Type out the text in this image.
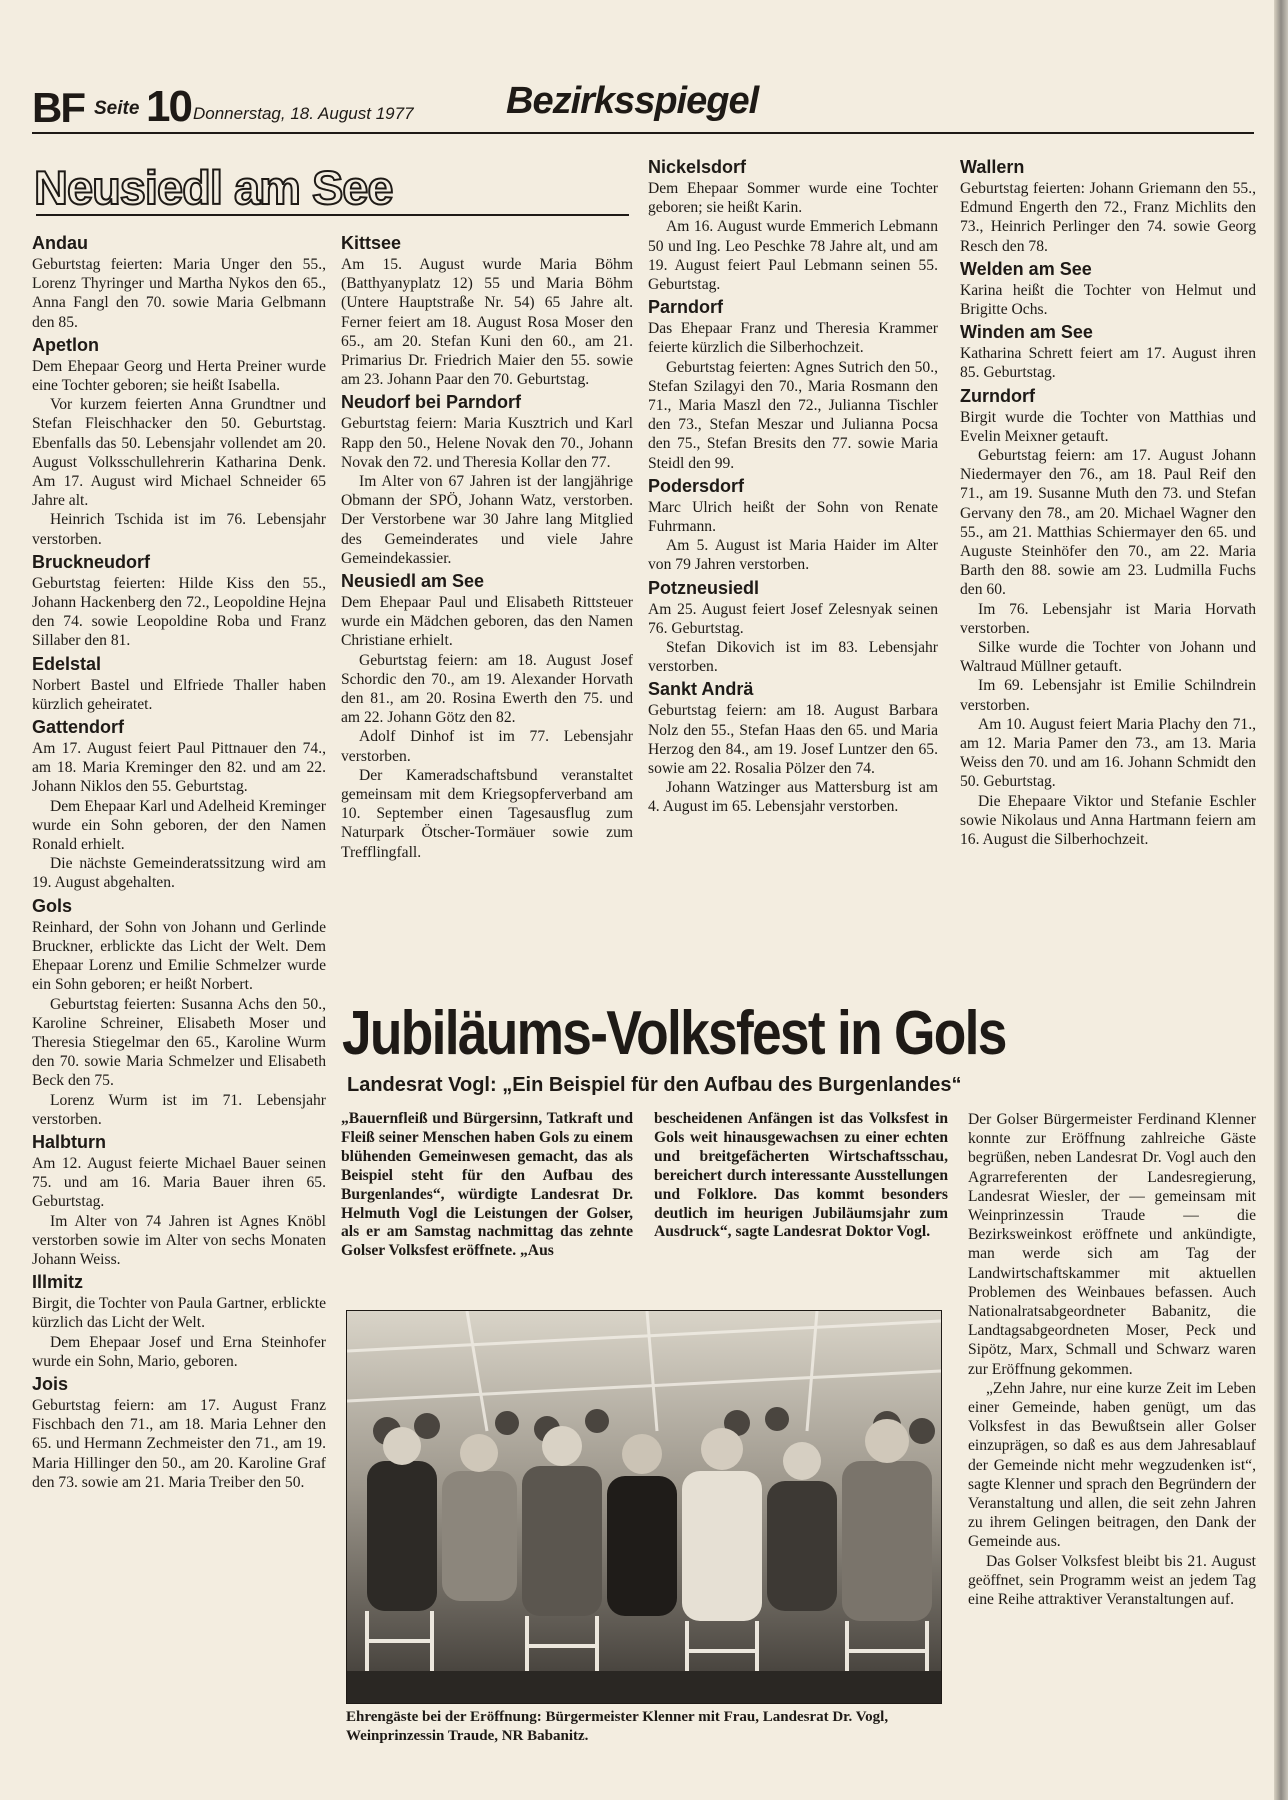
BF Seite 10 Donnerstag, 18. August 1977 Bezirksspiegel
Neusiedl am See
Andau

Geburtstag feierten: Maria Unger den 55., Lorenz Thyringer und Martha Nykos den 65., Anna Fangl den 70. sowie Maria Gelbmann den 85.

Apetlon

Dem Ehepaar Georg und Herta Preiner wurde eine Tochter geboren; sie heißt Isabella.

Vor kurzem feierten Anna Grundtner und Stefan Fleischhacker den 50. Geburtstag. Ebenfalls das 50. Lebensjahr vollendet am 20. August Volksschullehrerin Katharina Denk. Am 17. August wird Michael Schneider 65 Jahre alt.

Heinrich Tschida ist im 76. Lebensjahr verstorben.

Bruckneudorf

Geburtstag feierten: Hilde Kiss den 55., Johann Hackenberg den 72., Leopoldine Hejna den 74. sowie Leopoldine Roba und Franz Sillaber den 81.

Edelstal

Norbert Bastel und Elfriede Thaller haben kürzlich geheiratet.

Gattendorf

Am 17. August feiert Paul Pittnauer den 74., am 18. Maria Kreminger den 82. und am 22. Johann Niklos den 55. Geburtstag.

Dem Ehepaar Karl und Adelheid Kreminger wurde ein Sohn geboren, der den Namen Ronald erhielt.

Die nächste Gemeinderatssitzung wird am 19. August abgehalten.

Gols

Reinhard, der Sohn von Johann und Gerlinde Bruckner, erblickte das Licht der Welt. Dem Ehepaar Lorenz und Emilie Schmelzer wurde ein Sohn geboren; er heißt Norbert.

Geburtstag feierten: Susanna Achs den 50., Karoline Schreiner, Elisabeth Moser und Theresia Stiegelmar den 65., Karoline Wurm den 70. sowie Maria Schmelzer und Elisabeth Beck den 75.

Lorenz Wurm ist im 71. Lebensjahr verstorben.

Halbturn

Am 12. August feierte Michael Bauer seinen 75. und am 16. Maria Bauer ihren 65. Geburtstag.

Im Alter von 74 Jahren ist Agnes Knöbl verstorben sowie im Alter von sechs Monaten Johann Weiss.

Illmitz

Birgit, die Tochter von Paula Gartner, erblickte kürzlich das Licht der Welt.

Dem Ehepaar Josef und Erna Steinhofer wurde ein Sohn, Mario, geboren.

Jois

Geburtstag feiern: am 17. August Franz Fischbach den 71., am 18. Maria Lehner den 65. und Hermann Zechmeister den 71., am 19. Maria Hillinger den 50., am 20. Karoline Graf den 73. sowie am 21. Maria Treiber den 50.

Kittsee

Am 15. August wurde Maria Böhm (Batthyanyplatz 12) 55 und Maria Böhm (Untere Hauptstraße Nr. 54) 65 Jahre alt. Ferner feiert am 18. August Rosa Moser den 65., am 20. Stefan Kuni den 60., am 21. Primarius Dr. Friedrich Maier den 55. sowie am 23. Johann Paar den 70. Geburtstag.

Neudorf bei Parndorf

Geburtstag feiern: Maria Kusztrich und Karl Rapp den 50., Helene Novak den 70., Johann Novak den 72. und Theresia Kollar den 77.

Im Alter von 67 Jahren ist der langjährige Obmann der SPÖ, Johann Watz, verstorben. Der Verstorbene war 30 Jahre lang Mitglied des Gemeinderates und viele Jahre Gemeindekassier.

Neusiedl am See

Dem Ehepaar Paul und Elisabeth Rittsteuer wurde ein Mädchen geboren, das den Namen Christiane erhielt.

Geburtstag feiern: am 18. August Josef Schordic den 70., am 19. Alexander Horvath den 81., am 20. Rosina Ewerth den 75. und am 22. Johann Götz den 82.

Adolf Dinhof ist im 77. Lebensjahr verstorben.

Der Kameradschaftsbund veranstaltet gemeinsam mit dem Kriegsopferverband am 10. September einen Tagesausflug zum Naturpark Ötscher-Tormäuer sowie zum Trefflingfall.

Nickelsdorf

Dem Ehepaar Sommer wurde eine Tochter geboren; sie heißt Karin.

Am 16. August wurde Emmerich Lebmann 50 und Ing. Leo Peschke 78 Jahre alt, und am 19. August feiert Paul Lebmann seinen 55. Geburtstag.

Parndorf

Das Ehepaar Franz und Theresia Krammer feierte kürzlich die Silberhochzeit.

Geburtstag feierten: Agnes Sutrich den 50., Stefan Szilagyi den 70., Maria Rosmann den 71., Maria Maszl den 72., Julianna Tischler den 73., Stefan Meszar und Julianna Pocsa den 75., Stefan Bresits den 77. sowie Maria Steidl den 99.

Podersdorf

Marc Ulrich heißt der Sohn von Renate Fuhrmann.

Am 5. August ist Maria Haider im Alter von 79 Jahren verstorben.

Potzneusiedl

Am 25. August feiert Josef Zelesnyak seinen 76. Geburtstag.

Stefan Dikovich ist im 83. Lebensjahr verstorben.

Sankt Andrä

Geburtstag feiern: am 18. August Barbara Nolz den 55., Stefan Haas den 65. und Maria Herzog den 84., am 19. Josef Luntzer den 65. sowie am 22. Rosalia Pölzer den 74.

Johann Watzinger aus Mattersburg ist am 4. August im 65. Lebensjahr verstorben.

Wallern

Geburtstag feierten: Johann Griemann den 55., Edmund Engerth den 72., Franz Michlits den 73., Heinrich Perlinger den 74. sowie Georg Resch den 78.

Welden am See

Karina heißt die Tochter von Helmut und Brigitte Ochs.

Winden am See

Katharina Schrett feiert am 17. August ihren 85. Geburtstag.

Zurndorf

Birgit wurde die Tochter von Matthias und Evelin Meixner getauft.

Geburtstag feiern: am 17. August Johann Niedermayer den 76., am 18. Paul Reif den 71., am 19. Susanne Muth den 73. und Stefan Gervany den 78., am 20. Michael Wagner den 55., am 21. Matthias Schiermayer den 65. und Auguste Steinhöfer den 70., am 22. Maria Barth den 88. sowie am 23. Ludmilla Fuchs den 60.

Im 76. Lebensjahr ist Maria Horvath verstorben.

Silke wurde die Tochter von Johann und Waltraud Müllner getauft.

Im 69. Lebensjahr ist Emilie Schilndrein verstorben.

Am 10. August feiert Maria Plachy den 71., am 12. Maria Pamer den 73., am 13. Maria Weiss den 70. und am 16. Johann Schmidt den 50. Geburtstag.

Die Ehepaare Viktor und Stefanie Eschler sowie Nikolaus und Anna Hartmann feiern am 16. August die Silberhochzeit.

Jubiläums-Volksfest in Gols
Landesrat Vogl: „Ein Beispiel für den Aufbau des Burgenlandes“

„Bauernfleiß und Bürgersinn, Tatkraft und Fleiß seiner Menschen haben Gols zu einem blühenden Gemeinwesen gemacht, das als Beispiel steht für den Aufbau des Burgenlandes“, würdigte Landesrat Dr. Helmuth Vogl die Leistungen der Golser, als er am Samstag nachmittag das zehnte Golser Volksfest eröffnete. „Aus

bescheidenen Anfängen ist das Volksfest in Gols weit hinausgewachsen zu einer echten und breitgefächerten Wirtschaftsschau, bereichert durch interessante Ausstellungen und Folklore. Das kommt besonders deutlich im heurigen Jubiläumsjahr zum Ausdruck“, sagte Landesrat Doktor Vogl.

Der Golser Bürgermeister Ferdinand Klenner konnte zur Eröffnung zahlreiche Gäste begrüßen, neben Landesrat Dr. Vogl auch den Agrarreferenten der Landesregierung, Landesrat Wiesler, der — gemeinsam mit Weinprinzessin Traude — die Bezirksweinkost eröffnete und ankündigte, man werde sich am Tag der Landwirtschaftskammer mit aktuellen Problemen des Weinbaues befassen. Auch Nationalratsabgeordneter Babanitz, die Landtagsabgeordneten Moser, Peck und Sipötz, Marx, Schmall und Schwarz waren zur Eröffnung gekommen.

„Zehn Jahre, nur eine kurze Zeit im Leben einer Gemeinde, haben genügt, um das Volksfest in das Bewußtsein aller Golser einzuprägen, so daß es aus dem Jahresablauf der Gemeinde nicht mehr wegzudenken ist“, sagte Klenner und sprach den Begründern der Veranstaltung und allen, die seit zehn Jahren zu ihrem Gelingen beitragen, den Dank der Gemeinde aus.

Das Golser Volksfest bleibt bis 21. August geöffnet, sein Programm weist an jedem Tag eine Reihe attraktiver Veranstaltungen auf.

Ehrengäste bei der Eröffnung: Bürgermeister Klenner mit Frau, Landesrat Dr. Vogl, Weinprinzessin Traude, NR Babanitz.
